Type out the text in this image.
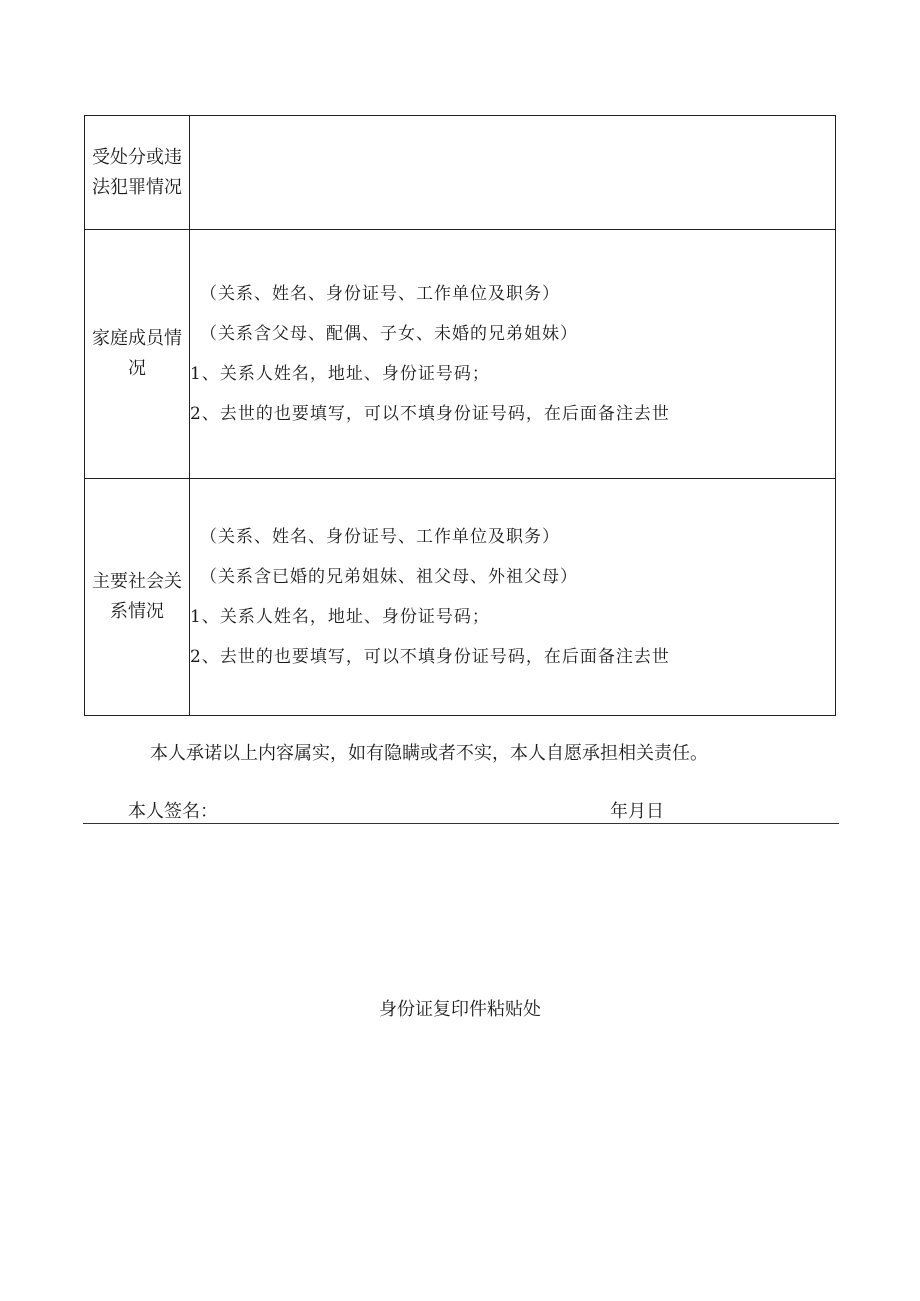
受处分或违法犯罪情况	
家庭成员情况	（关系、姓名、身份证号、工作单位及职务）
（关系含父母、配偶、子女、未婚的兄弟姐妹）
1、关系人姓名，地址、身份证号码；
2、去世的也要填写，可以不填身份证号码，在后面备注去世

主要社会关系情况	（关系、姓名、身份证号、工作单位及职务）
（关系含已婚的兄弟姐妹、祖父母、外祖父母）
1、关系人姓名，地址、身份证号码；
2、去世的也要填写，可以不填身份证号码，在后面备注去世
本人承诺以上内容属实，如有隐瞒或者不实，本人自愿承担相关责任。
本人签名：	年月日
身份证复印件粘贴处
